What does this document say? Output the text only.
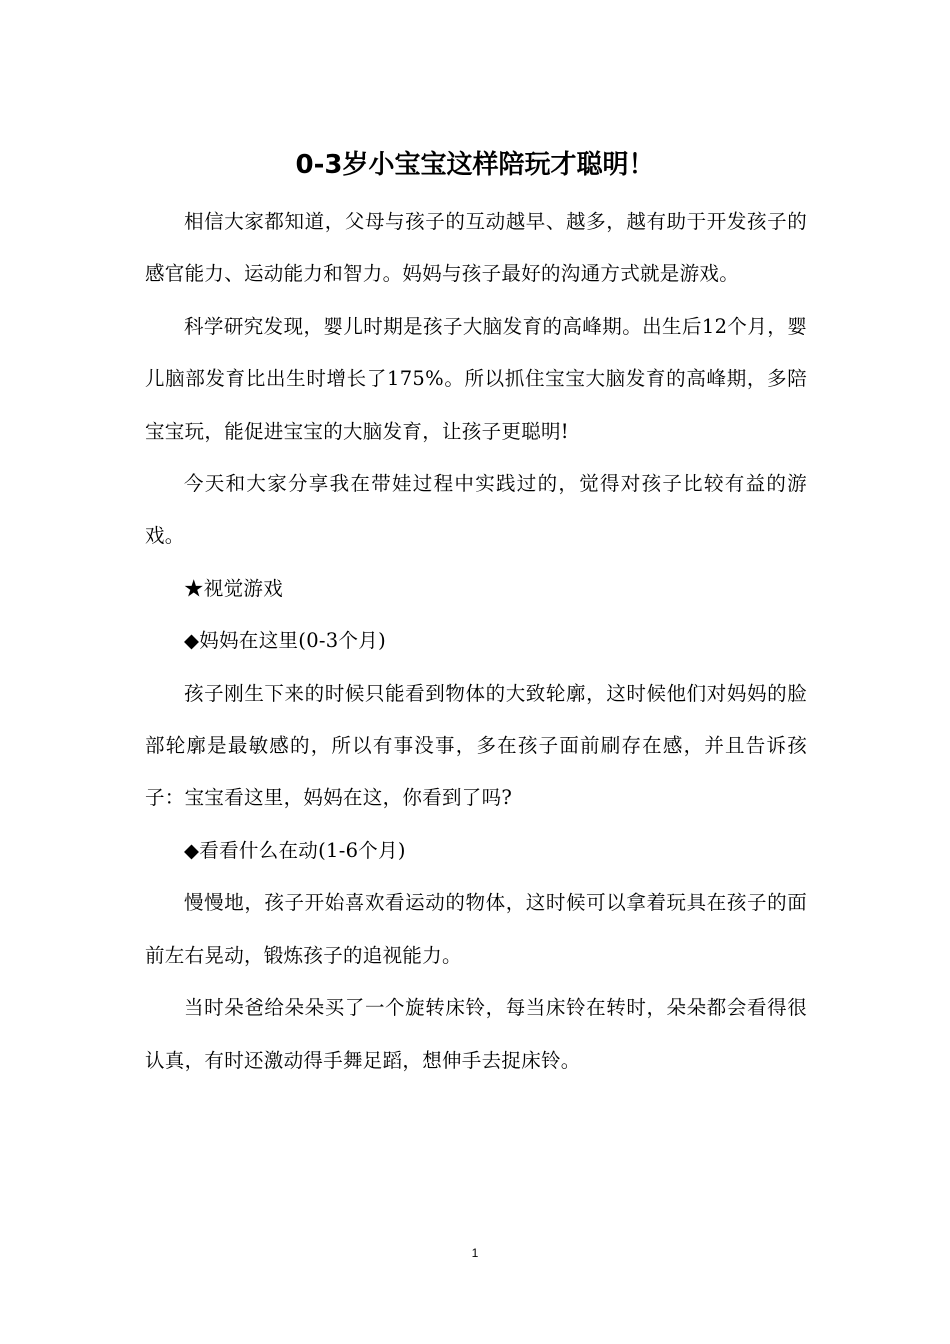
0-3岁小宝宝这样陪玩才聪明！

相信大家都知道，父母与孩子的互动越早、越多，越有助于开发孩子的感官能力、运动能力和智力。妈妈与孩子最好的沟通方式就是游戏。

科学研究发现，婴儿时期是孩子大脑发育的高峰期。出生后12个月，婴儿脑部发育比出生时增长了175%。所以抓住宝宝大脑发育的高峰期，多陪宝宝玩，能促进宝宝的大脑发育，让孩子更聪明!

今天和大家分享我在带娃过程中实践过的，觉得对孩子比较有益的游戏。

★视觉游戏

◆妈妈在这里(0-3个月)

孩子刚生下来的时候只能看到物体的大致轮廓，这时候他们对妈妈的脸部轮廓是最敏感的，所以有事没事，多在孩子面前刷存在感，并且告诉孩子：宝宝看这里，妈妈在这，你看到了吗?

◆看看什么在动(1-6个月)

慢慢地，孩子开始喜欢看运动的物体，这时候可以拿着玩具在孩子的面前左右晃动，锻炼孩子的追视能力。

当时朵爸给朵朵买了一个旋转床铃，每当床铃在转时，朵朵都会看得很认真，有时还激动得手舞足蹈，想伸手去捉床铃。

1
